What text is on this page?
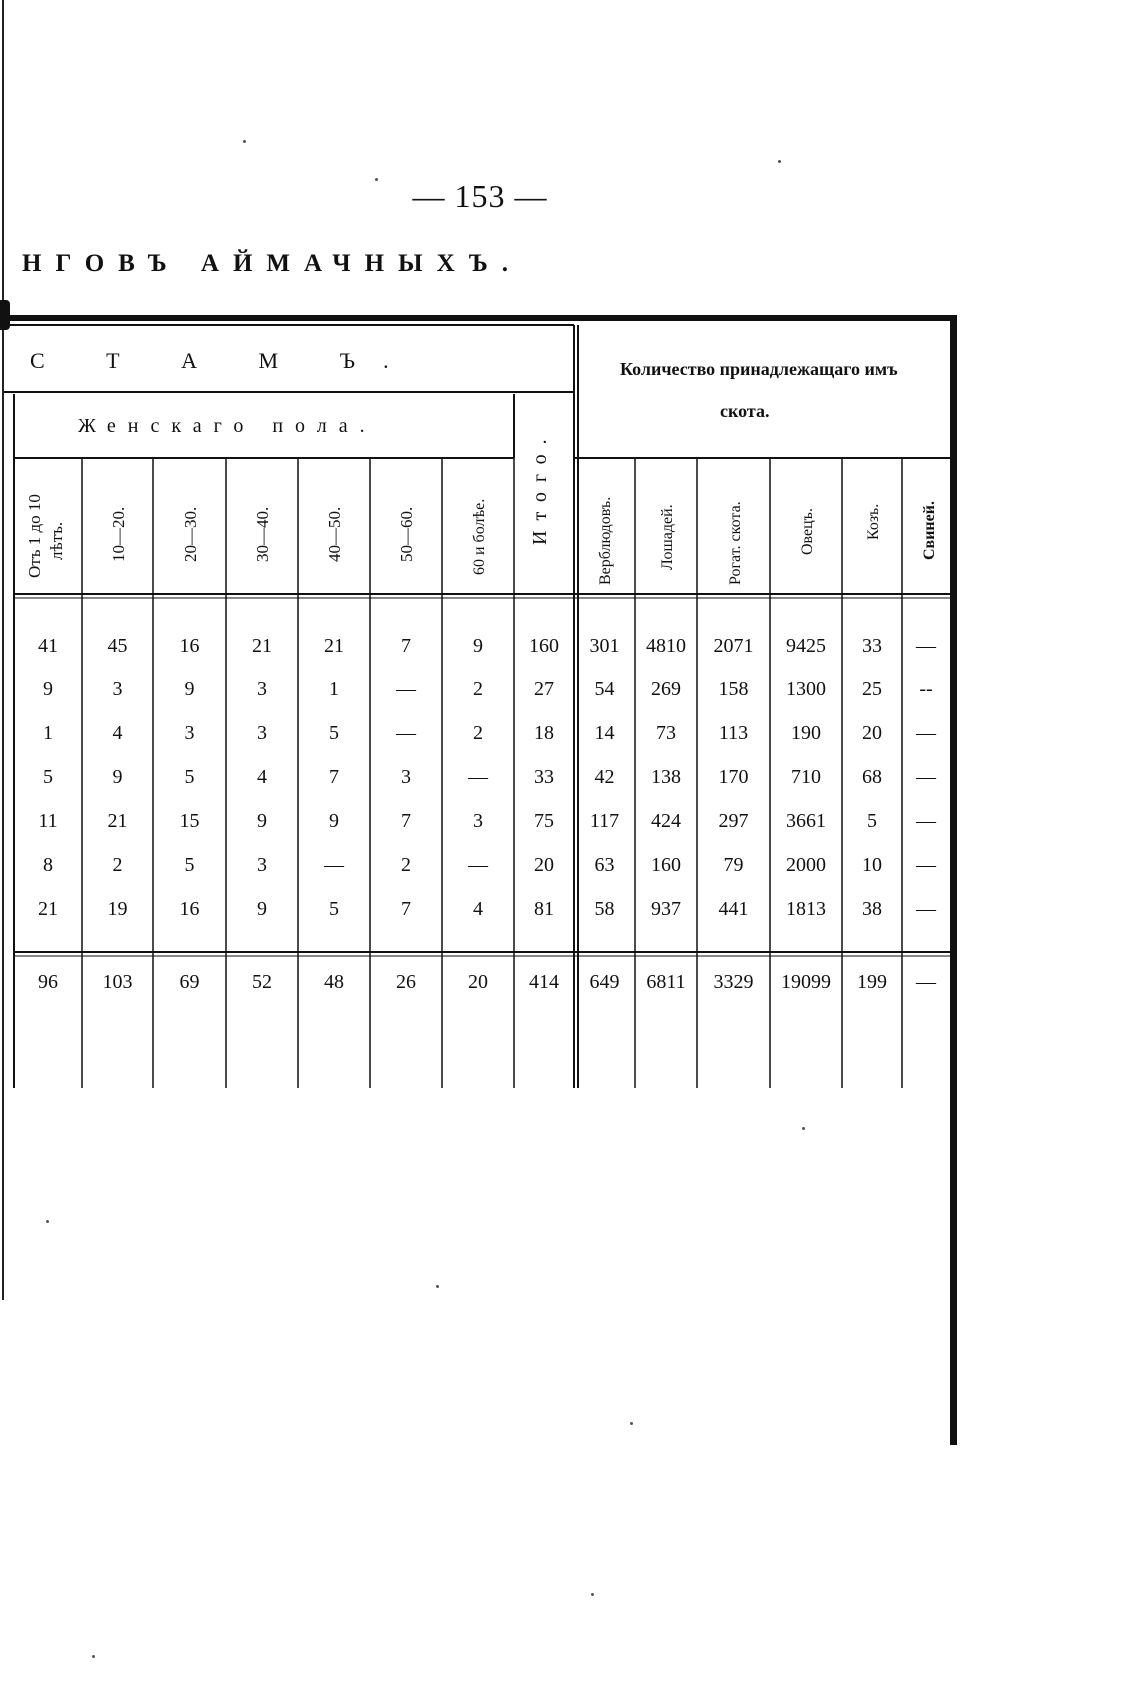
— 153 —
НГОВЪ АЙМАЧНЫХЪ.
С Т А М Ъ.
Женскаго пола.
Количество принадлежащаго имъ
скота.
Итого.
Отъ 1 до 10 лѣтъ.	10—20.	20—30.	30—40.	40—50.	50—60.	60 и болѣе.	Верблюдовъ.	Лошадей.	Рогат. скота.	Овецъ.	Козъ. Свиней.
41 45	16	21	21	7	9 160 301 4810 2071 9425 33 —
9	3	9	3	1	—	2	27 54 269 158 1300 25 --
1	4	3	3	5	—	2	18 14 73 113 190 20 —
5	9	5	4	7	3	— 33 42 138 170 710 68 —
11 21	15	9	9	7	3	75 117 424 297 3661 5 —
8	2	5	3	—	2	— 20 63 160 79 2000 10 —
21 19	16	9	5	7	4	81 58 937 441 1813 38 —
96 103 69	52	48	26	20 414 649 6811 3329 19099 199 —
